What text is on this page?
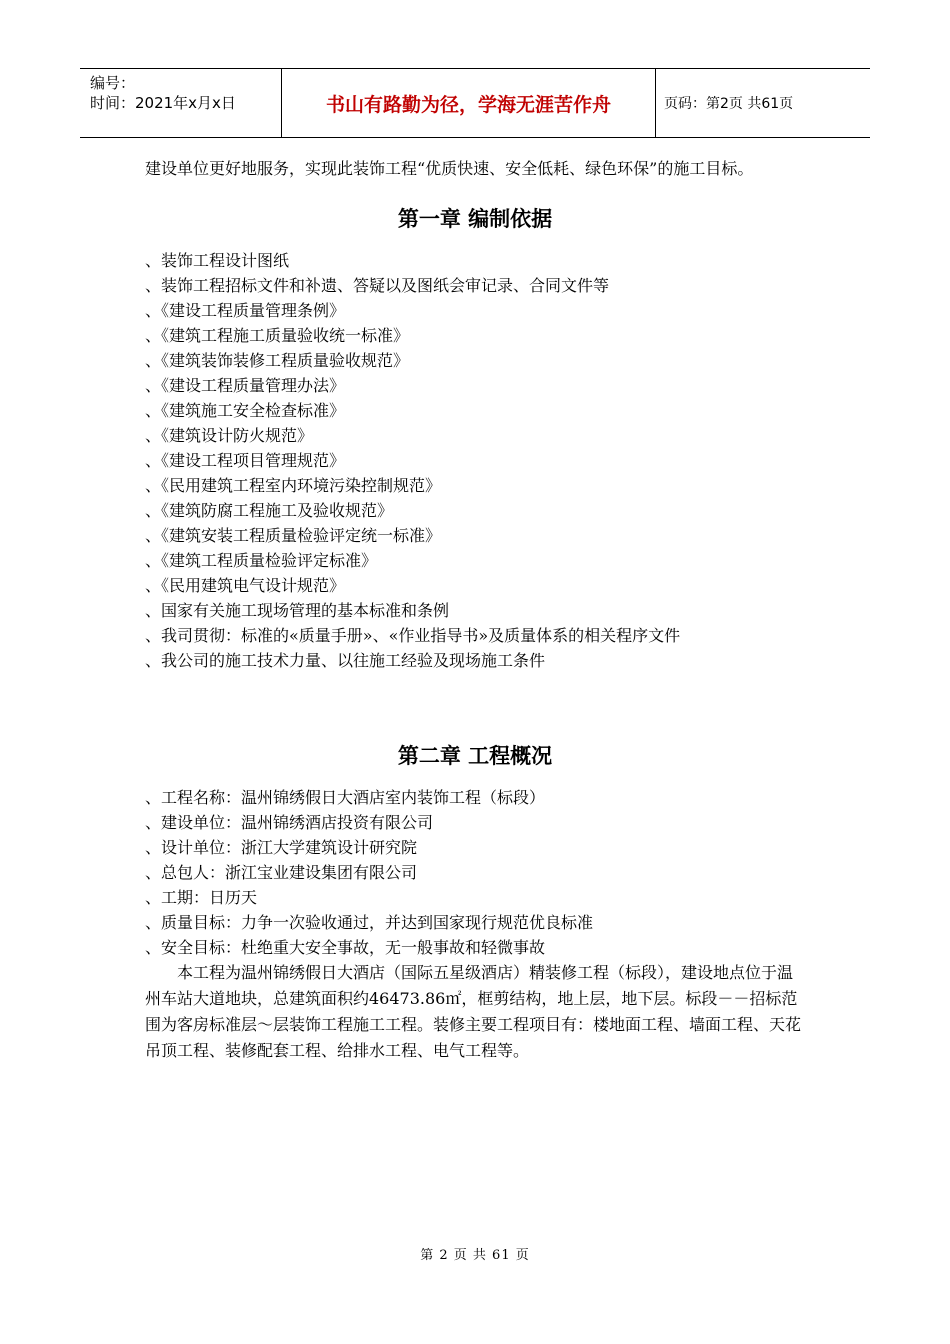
编号：
时间：2021年x月x日	书山有路勤为径，学海无涯苦作舟	页码：第2页 共61页

建设单位更好地服务，实现此装饰工程“优质快速、安全低耗、绿色环保”的施工目标。

第一章 编制依据
、装饰工程设计图纸
、装饰工程招标文件和补遗、答疑以及图纸会审记录、合同文件等
、《建设工程质量管理条例》
、《建筑工程施工质量验收统一标准》
、《建筑装饰装修工程质量验收规范》
、《建设工程质量管理办法》
、《建筑施工安全检查标准》
、《建筑设计防火规范》
、《建设工程项目管理规范》
、《民用建筑工程室内环境污染控制规范》
、《建筑防腐工程施工及验收规范》
、《建筑安装工程质量检验评定统一标准》
、《建筑工程质量检验评定标准》
、《民用建筑电气设计规范》
、国家有关施工现场管理的基本标准和条例
、我司贯彻：标准的«质量手册»、«作业指导书»及质量体系的相关程序文件
、我公司的施工技术力量、以往施工经验及现场施工条件
第二章 工程概况
、工程名称：温州锦绣假日大酒店室内装饰工程（标段）
、建设单位：温州锦绣酒店投资有限公司
、设计单位：浙江大学建筑设计研究院
、总包人：浙江宝业建设集团有限公司
、工期：日历天
、质量目标：力争一次验收通过，并达到国家现行规范优良标准
、安全目标：杜绝重大安全事故，无一般事故和轻微事故

本工程为温州锦绣假日大酒店（国际五星级酒店）精装修工程（标段），建设地点位于温州车站大道地块，总建筑面积约46473.86㎡，框剪结构，地上层，地下层。标段－－招标范围为客房标准层～层装饰工程施工工程。装修主要工程项目有：楼地面工程、墙面工程、天花吊顶工程、装修配套工程、给排水工程、电气工程等。

第 2 页 共 61 页
